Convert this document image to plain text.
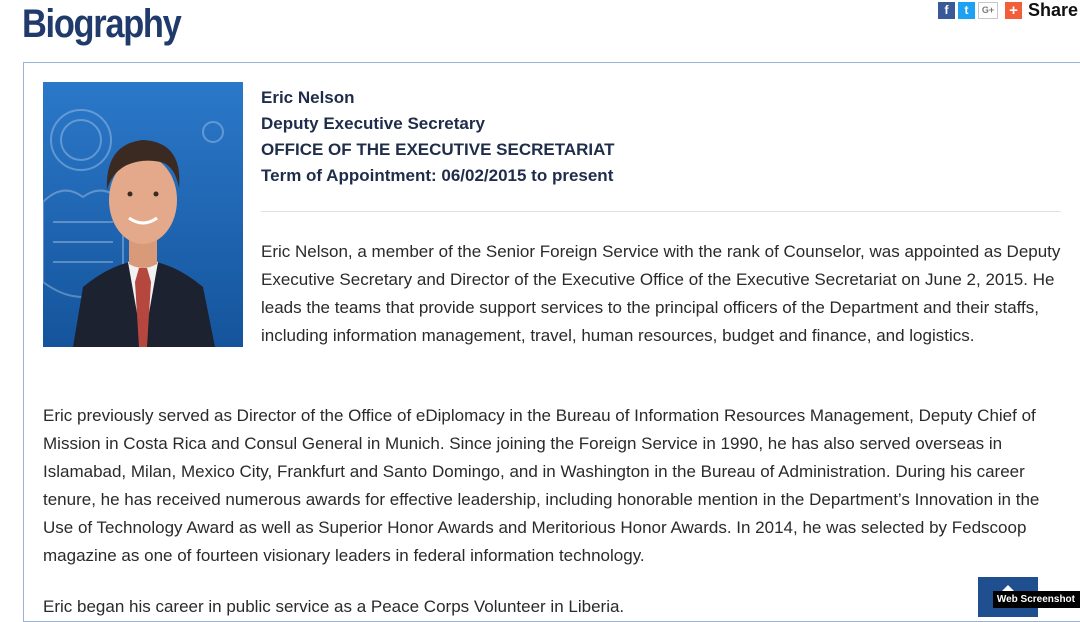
Biography	f	t	G+ + Share
Eric Nelson
Deputy Executive Secretary
OFFICE OF THE EXECUTIVE SECRETARIAT
Term of Appointment: 06/02/2015 to present

Eric Nelson, a member of the Senior Foreign Service with the rank of Counselor, was appointed as Deputy Executive Secretary and Director of the Executive Office of the Executive Secretariat on June 2, 2015. He leads the teams that provide support services to the principal officers of the Department and their staffs, including information management, travel, human resources, budget and finance, and logistics.

Eric previously served as Director of the Office of eDiplomacy in the Bureau of Information Resources Management, Deputy Chief of Mission in Costa Rica and Consul General in Munich. Since joining the Foreign Service in 1990, he has also served overseas in Islamabad, Milan, Mexico City, Frankfurt and Santo Domingo, and in Washington in the Bureau of Administration. During his career tenure, he has received numerous awards for effective leadership, including honorable mention in the Department’s Innovation in the Use of Technology Award as well as Superior Honor Awards and Meritorious Honor Awards. In 2014, he was selected by Fedscoop magazine as one of fourteen visionary leaders in federal information technology.

Eric began his career in public service as a Peace Corps Volunteer in Liberia.	Web Screenshot
